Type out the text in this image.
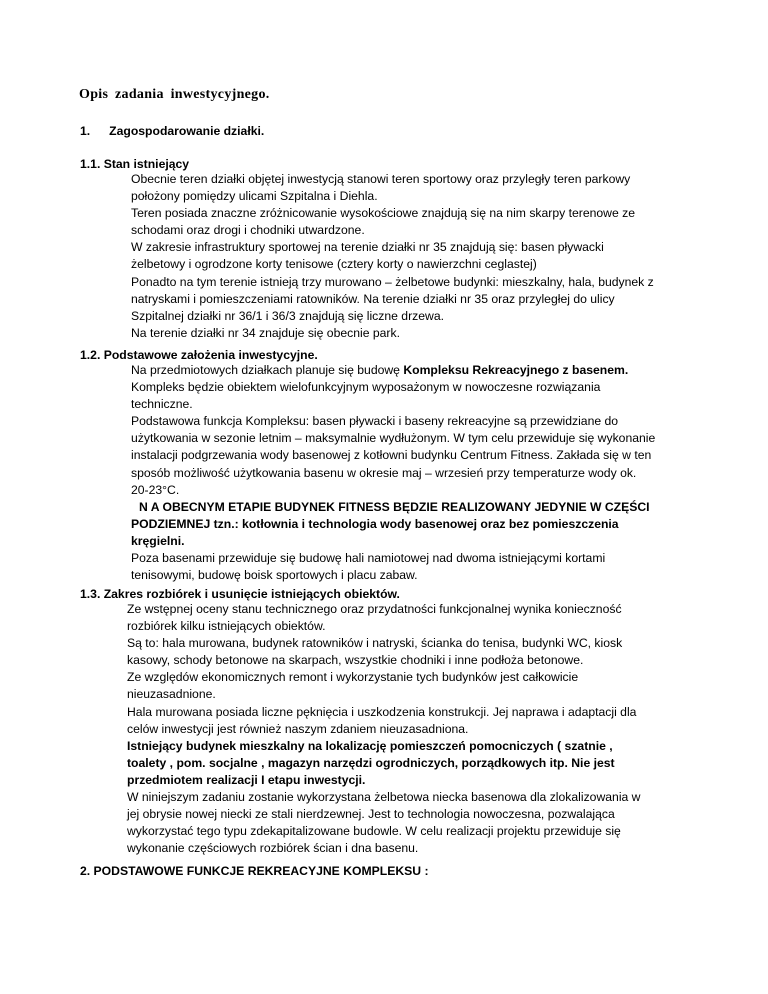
Opis zadania inwestycyjnego.
1. Zagospodarowanie działki.
1.1. Stan istniejący
Obecnie teren działki objętej inwestycją stanowi teren sportowy oraz przyległy teren parkowy
położony pomiędzy ulicami Szpitalna i Diehla.
Teren posiada znaczne zróżnicowanie wysokościowe znajdują się na nim skarpy terenowe ze
schodami oraz drogi i chodniki utwardzone.
W zakresie infrastruktury sportowej na terenie działki nr 35 znajdują się: basen pływacki
żelbetowy i ogrodzone korty tenisowe (cztery korty o nawierzchni ceglastej)
Ponadto na tym terenie istnieją trzy murowano – żelbetowe budynki: mieszkalny, hala, budynek z
natryskami i pomieszczeniami ratowników. Na terenie działki nr 35 oraz przyległej do ulicy
Szpitalnej działki nr 36/1 i 36/3 znajdują się liczne drzewa.
Na terenie działki nr 34 znajduje się obecnie park.
1.2. Podstawowe założenia inwestycyjne.
Na przedmiotowych działkach planuje się budowę Kompleksu Rekreacyjnego z basenem.
Kompleks będzie obiektem wielofunkcyjnym wyposażonym w nowoczesne rozwiązania
techniczne.
Podstawowa funkcja Kompleksu: basen pływacki i baseny rekreacyjne są przewidziane do
użytkowania w sezonie letnim – maksymalnie wydłużonym. W tym celu przewiduje się wykonanie
instalacji podgrzewania wody basenowej z kotłowni budynku Centrum Fitness. Zakłada się w ten
sposób możliwość użytkowania basenu w okresie maj – wrzesień przy temperaturze wody ok.
20-23°C.
N A OBECNYM ETAPIE BUDYNEK FITNESS BĘDZIE REALIZOWANY JEDYNIE W CZĘŚCI
PODZIEMNEJ tzn.: kotłownia i technologia wody basenowej oraz bez pomieszczenia
kręgielni.
Poza basenami przewiduje się budowę hali namiotowej nad dwoma istniejącymi kortami
tenisowymi, budowę boisk sportowych i placu zabaw.
1.3. Zakres rozbiórek i usunięcie istniejących obiektów.
Ze wstępnej oceny stanu technicznego oraz przydatności funkcjonalnej wynika konieczność
rozbiórek kilku istniejących obiektów.
Są to: hala murowana, budynek ratowników i natryski, ścianka do tenisa, budynki WC, kiosk
kasowy, schody betonowe na skarpach, wszystkie chodniki i inne podłoża betonowe.
Ze względów ekonomicznych remont i wykorzystanie tych budynków jest całkowicie
nieuzasadnione.
Hala murowana posiada liczne pęknięcia i uszkodzenia konstrukcji. Jej naprawa i adaptacji dla
celów inwestycji jest również naszym zdaniem nieuzasadniona.
Istniejący budynek mieszkalny na lokalizację pomieszczeń pomocniczych ( szatnie ,
toalety , pom. socjalne , magazyn narzędzi ogrodniczych, porządkowych itp. Nie jest
przedmiotem realizacji I etapu inwestycji.
W niniejszym zadaniu zostanie wykorzystana żelbetowa niecka basenowa dla zlokalizowania w
jej obrysie nowej niecki ze stali nierdzewnej. Jest to technologia nowoczesna, pozwalająca
wykorzystać tego typu zdekapitalizowane budowle. W celu realizacji projektu przewiduje się
wykonanie częściowych rozbiórek ścian i dna basenu.
2. PODSTAWOWE FUNKCJE REKREACYJNE KOMPLEKSU :
